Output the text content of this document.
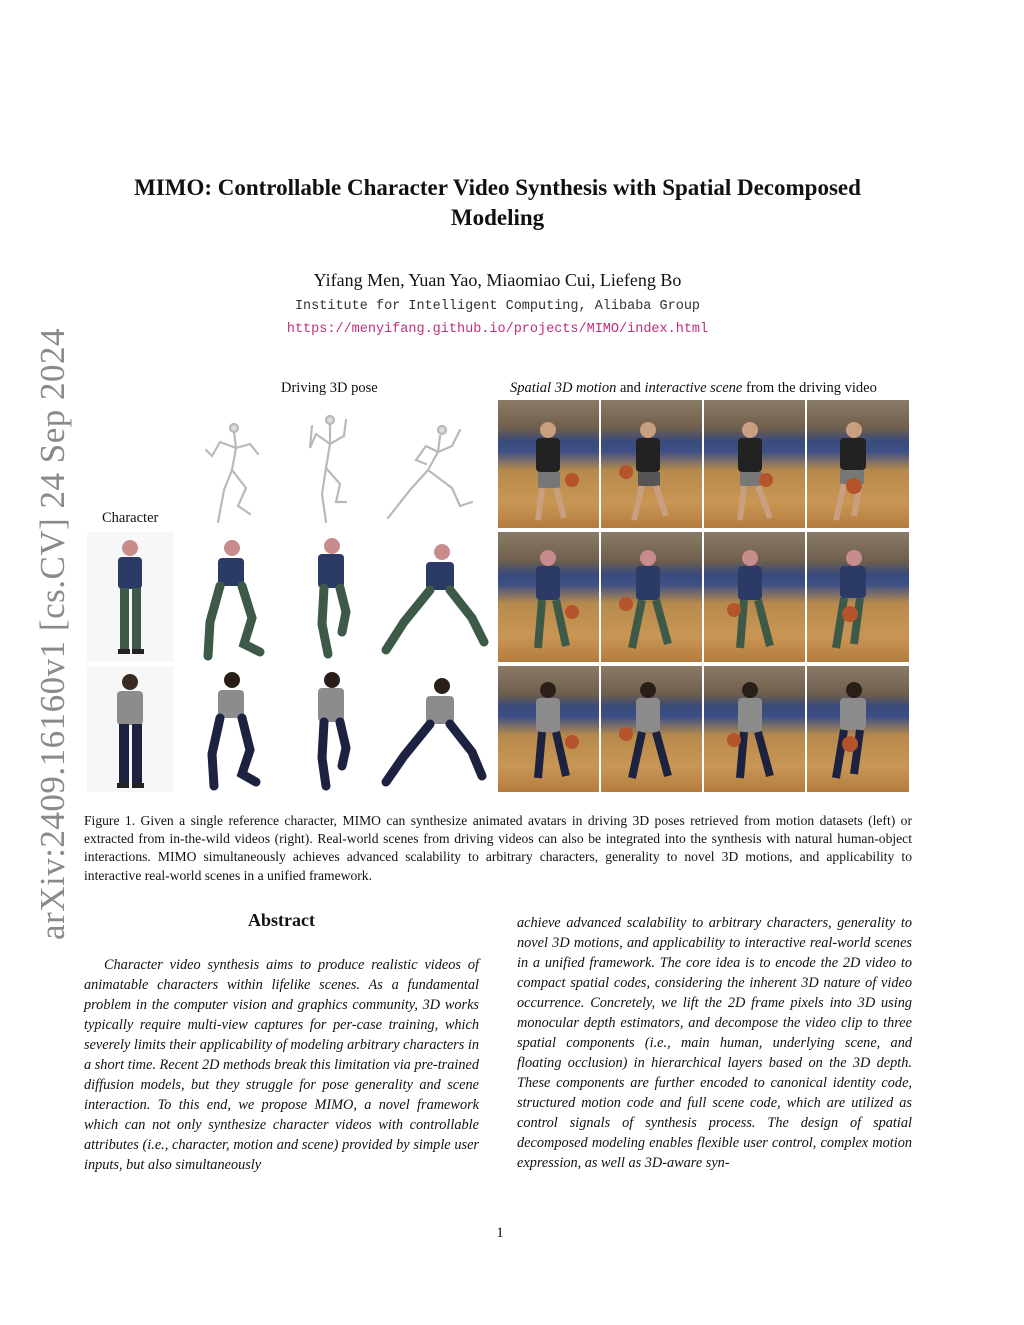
arXiv:2409.16160v1 [cs.CV] 24 Sep 2024
MIMO: Controllable Character Video Synthesis with Spatial Decomposed Modeling
Yifang Men, Yuan Yao, Miaomiao Cui, Liefeng Bo
Institute for Intelligent Computing, Alibaba Group
https://menyifang.github.io/projects/MIMO/index.html
Driving 3D pose
Character
Spatial 3D motion and interactive scene from the driving video
Figure 1. Given a single reference character, MIMO can synthesize animated avatars in driving 3D poses retrieved from motion datasets (left) or extracted from in-the-wild videos (right). Real-world scenes from driving videos can also be integrated into the synthesis with natural human-object interactions. MIMO simultaneously achieves advanced scalability to arbitrary characters, generality to novel 3D motions, and applicability to interactive real-world scenes in a unified framework.
Abstract

Character video synthesis aims to produce realistic videos of animatable characters within lifelike scenes. As a fundamental problem in the computer vision and graphics community, 3D works typically require multi-view captures for per-case training, which severely limits their applicability of modeling arbitrary characters in a short time. Recent 2D methods break this limitation via pre-trained diffusion models, but they struggle for pose generality and scene interaction. To this end, we propose MIMO, a novel framework which can not only synthesize character videos with controllable attributes (i.e., character, motion and scene) provided by simple user inputs, but also simultaneously

achieve advanced scalability to arbitrary characters, generality to novel 3D motions, and applicability to interactive real-world scenes in a unified framework. The core idea is to encode the 2D video to compact spatial codes, considering the inherent 3D nature of video occurrence. Concretely, we lift the 2D frame pixels into 3D using monocular depth estimators, and decompose the video clip to three spatial components (i.e., main human, underlying scene, and floating occlusion) in hierarchical layers based on the 3D depth. These components are further encoded to canonical identity code, structured motion code and full scene code, which are utilized as control signals of synthesis process. The design of spatial decomposed modeling enables flexible user control, complex motion expression, as well as 3D-aware syn-

1
